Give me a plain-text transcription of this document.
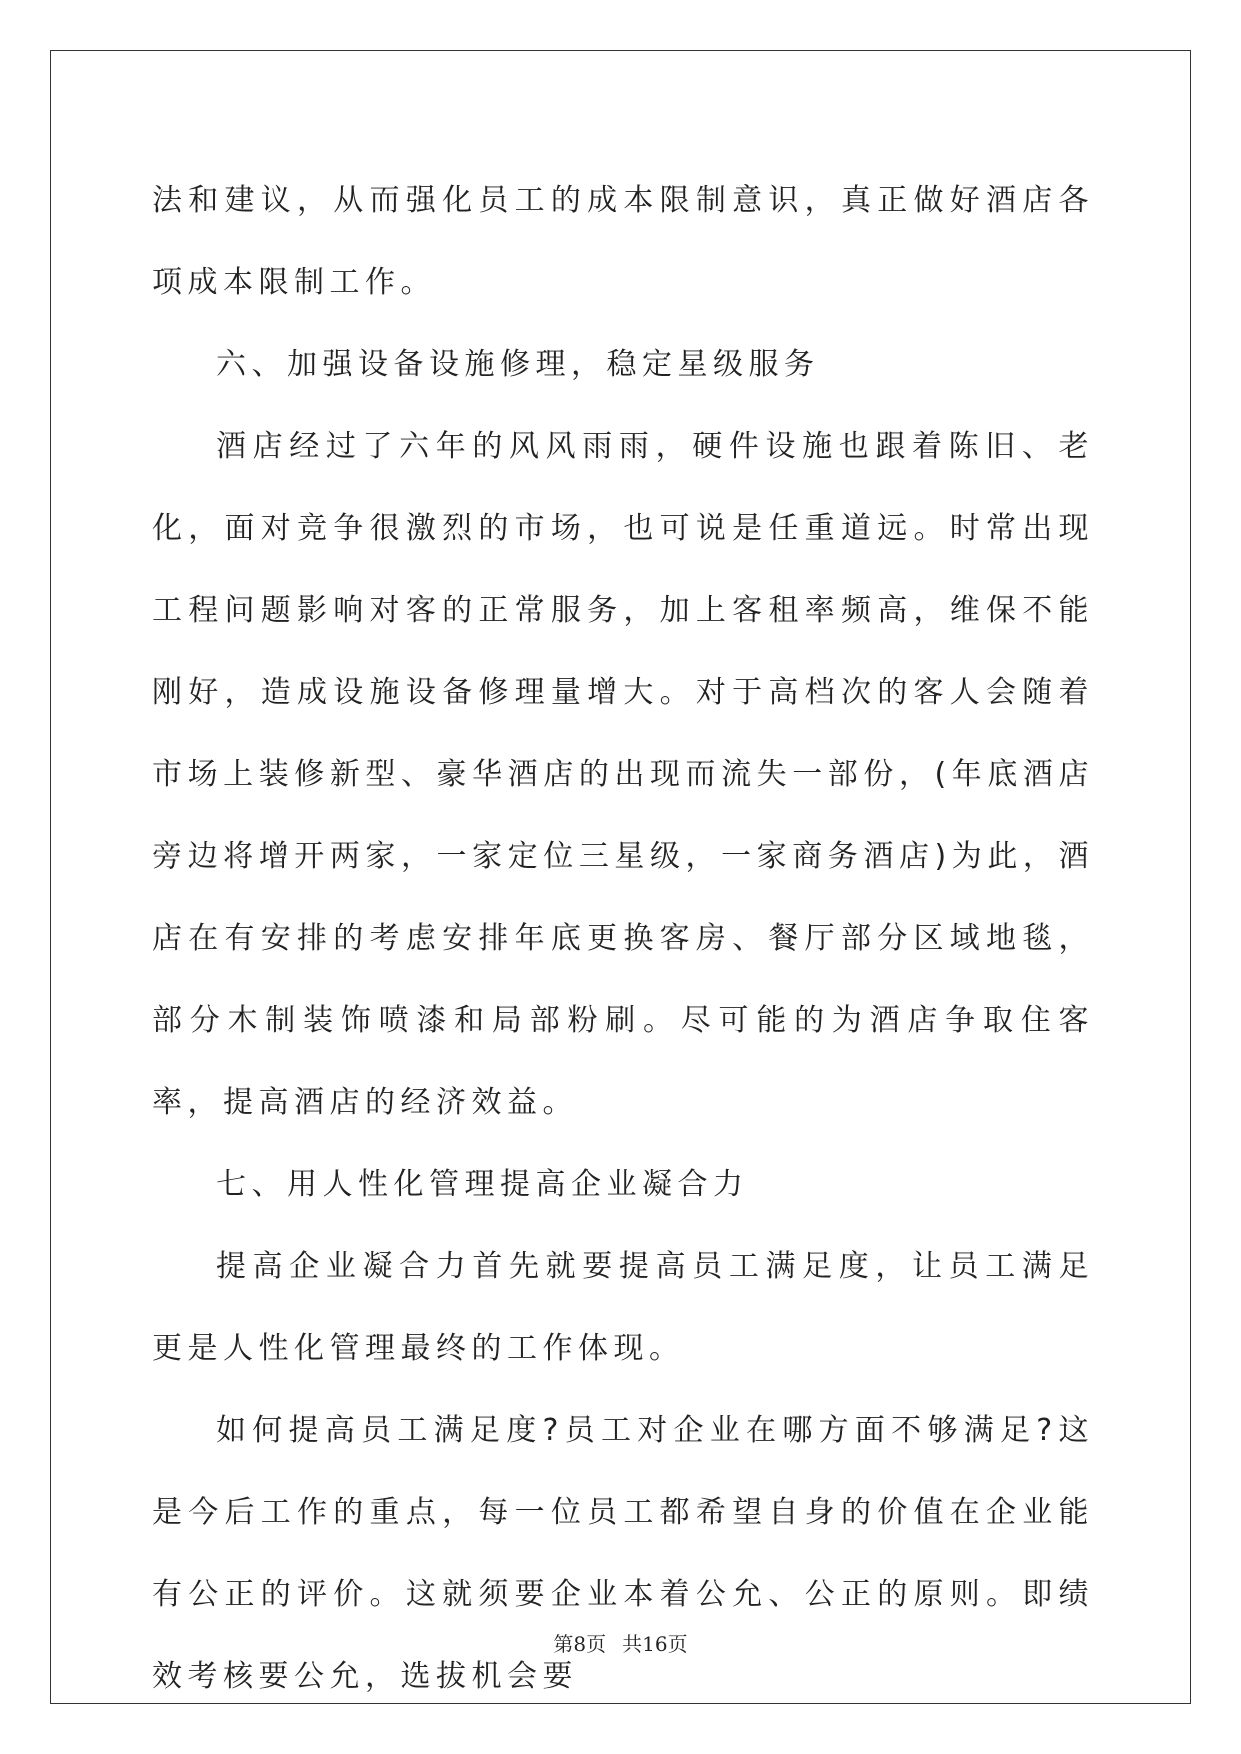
法和建议，从而强化员工的成本限制意识，真正做好酒店各项成本限制工作。

六、加强设备设施修理，稳定星级服务

酒店经过了六年的风风雨雨，硬件设施也跟着陈旧、老化，面对竞争很激烈的市场，也可说是任重道远。时常出现工程问题影响对客的正常服务，加上客租率频高，维保不能刚好，造成设施设备修理量增大。对于高档次的客人会随着市场上装修新型、豪华酒店的出现而流失一部份，(年底酒店旁边将增开两家，一家定位三星级，一家商务酒店)为此，酒店在有安排的考虑安排年底更换客房、餐厅部分区域地毯，部分木制装饰喷漆和局部粉刷。尽可能的为酒店争取住客率，提高酒店的经济效益。

七、用人性化管理提高企业凝合力

提高企业凝合力首先就要提高员工满足度，让员工满足更是人性化管理最终的工作体现。

如何提高员工满足度?员工对企业在哪方面不够满足?这是今后工作的重点，每一位员工都希望自身的价值在企业能有公正的评价。这就须要企业本着公允、公正的原则。即绩效考核要公允，选拔机会要

第8页 共16页
